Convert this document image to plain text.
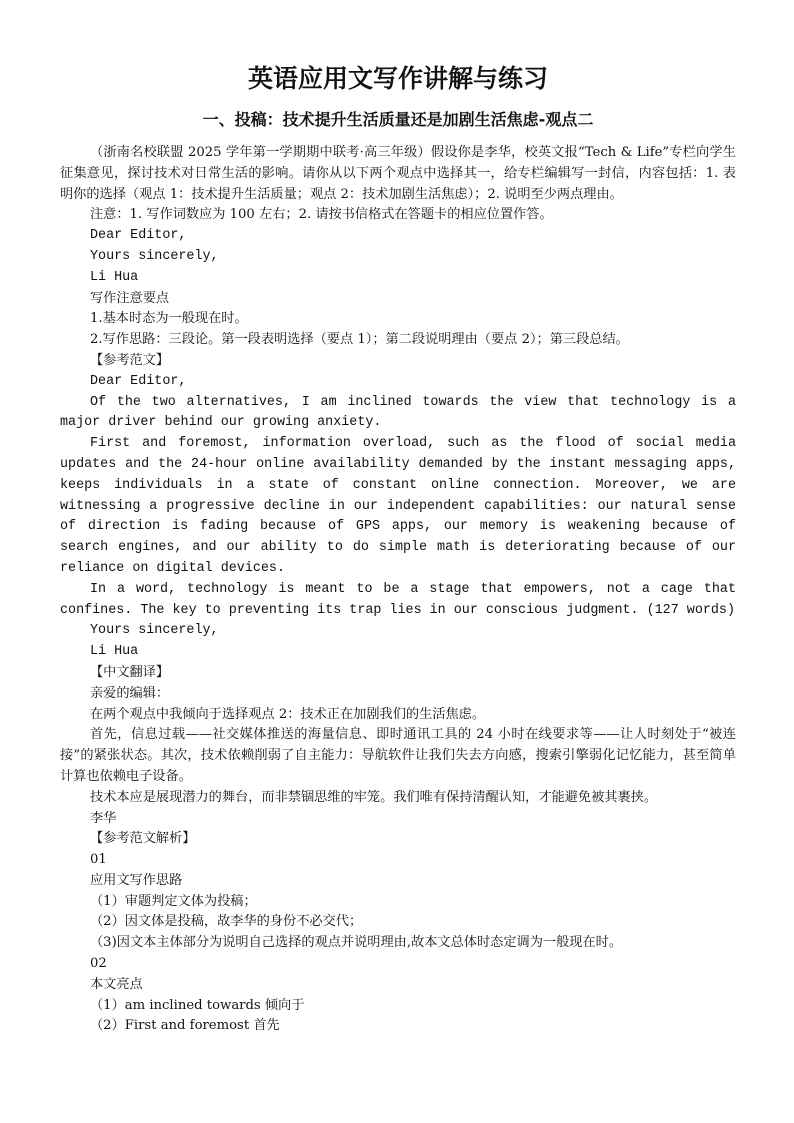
英语应用文写作讲解与练习
一、投稿：技术提升生活质量还是加剧生活焦虑-观点二

（浙南名校联盟 2025 学年第一学期期中联考·高三年级）假设你是李华，校英文报“Tech & Life”专栏向学生征集意见，探讨技术对日常生活的影响。请你从以下两个观点中选择其一，给专栏编辑写一封信，内容包括：1. 表明你的选择（观点 1：技术提升生活质量；观点 2：技术加剧生活焦虑）；2. 说明至少两点理由。

注意：1. 写作词数应为 100 左右；2. 请按书信格式在答题卡的相应位置作答。

Dear Editor,

Yours sincerely,

Li Hua

写作注意要点

1.基本时态为一般现在时。

2.写作思路：三段论。第一段表明选择（要点 1）；第二段说明理由（要点 2）；第三段总结。

【参考范文】

Dear Editor,

Of the two alternatives, I am inclined towards the view that technology is a major driver behind our growing anxiety.

First and foremost, information overload, such as the flood of social media updates and the 24-hour online availability demanded by the instant messaging apps, keeps individuals in a state of constant online connection. Moreover, we are witnessing a progressive decline in our independent capabilities: our natural sense of direction is fading because of GPS apps, our memory is weakening because of search engines, and our ability to do simple math is deteriorating because of our reliance on digital devices.

In a word, technology is meant to be a stage that empowers, not a cage that confines. The key to preventing its trap lies in our conscious judgment. (127 words)

Yours sincerely,

Li Hua

【中文翻译】

亲爱的编辑：

在两个观点中我倾向于选择观点 2：技术正在加剧我们的生活焦虑。

首先，信息过载——社交媒体推送的海量信息、即时通讯工具的 24 小时在线要求等——让人时刻处于“被连接”的紧张状态。其次，技术依赖削弱了自主能力：导航软件让我们失去方向感，搜索引擎弱化记忆能力，甚至简单计算也依赖电子设备。

技术本应是展现潜力的舞台，而非禁锢思维的牢笼。我们唯有保持清醒认知，才能避免被其裹挟。

李华

【参考范文解析】

01

应用文写作思路

（1）审题判定文体为投稿；

（2）因文体是投稿，故李华的身份不必交代；

（3)因文本主体部分为说明自己选择的观点并说明理由,故本文总体时态定调为一般现在时。

02

本文亮点

（1）am inclined towards 倾向于

（2）First and foremost 首先
